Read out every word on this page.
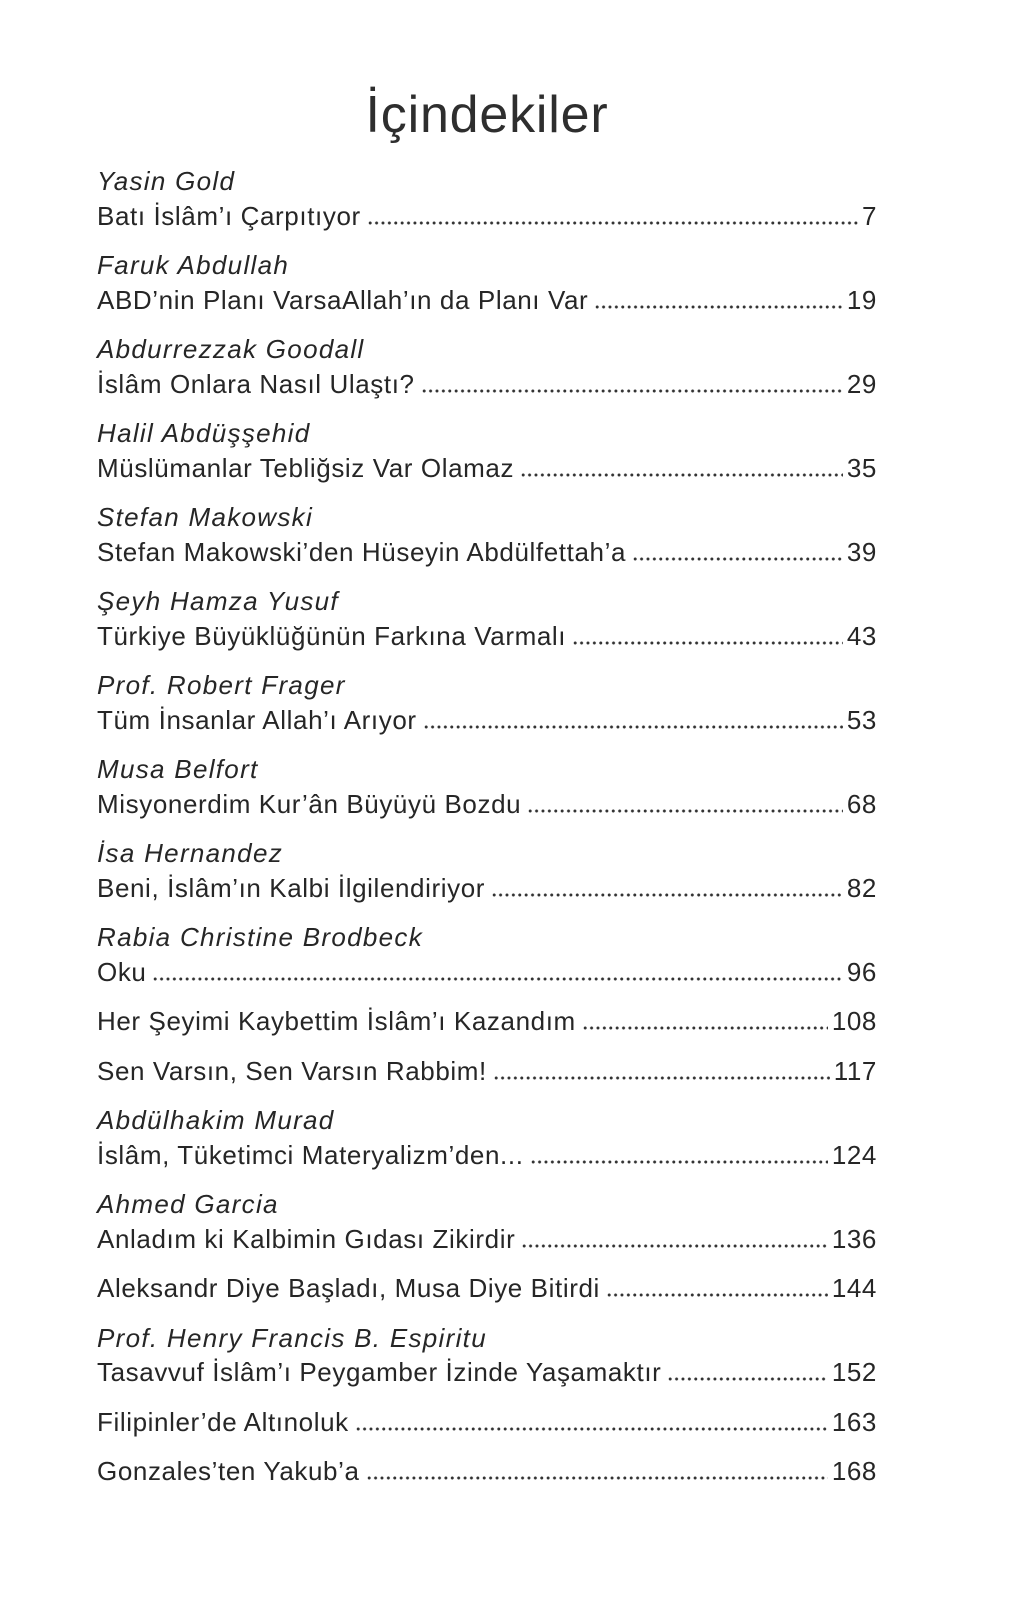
İçindekiler
Yasin Gold
Batı İslâm’ı Çarpıtıyor	7
Faruk Abdullah
ABD’nin Planı VarsaAllah’ın da Planı Var	19
Abdurrezzak Goodall
İslâm Onlara Nasıl Ulaştı?	29
Halil Abdüşşehid
Müslümanlar Tebliğsiz Var Olamaz	35
Stefan Makowski
Stefan Makowski’den Hüseyin Abdülfettah’a	39
Şeyh Hamza Yusuf
Türkiye Büyüklüğünün Farkına Varmalı	43
Prof. Robert Frager
Tüm İnsanlar Allah’ı Arıyor	53
Musa Belfort
Misyonerdim Kur’ân Büyüyü Bozdu	68
İsa Hernandez
Beni, İslâm’ın Kalbi İlgilendiriyor	82
Rabia Christine Brodbeck
Oku	96
Her Şeyimi Kaybettim İslâm’ı Kazandım	108
Sen Varsın, Sen Varsın Rabbim!	117
Abdülhakim Murad
İslâm, Tüketimci Materyalizm’den...	124
Ahmed Garcia
Anladım ki Kalbimin Gıdası Zikirdir	136
Aleksandr Diye Başladı, Musa Diye Bitirdi	144
Prof. Henry Francis B. Espiritu
Tasavvuf İslâm’ı Peygamber İzinde Yaşamaktır	152
Filipinler’de Altınoluk	163
Gonzales’ten Yakub’a	168
